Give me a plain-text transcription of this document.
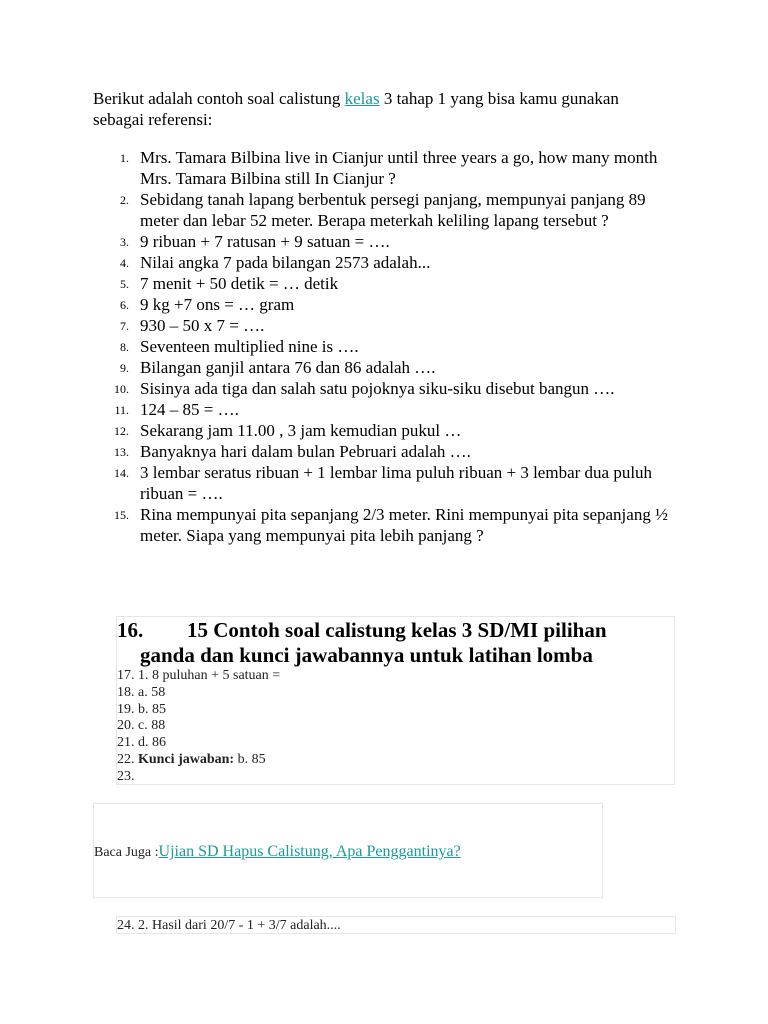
Berikut adalah contoh soal calistung kelas 3 tahap 1 yang bisa kamu gunakan sebagai referensi:
1. Mrs. Tamara Bilbina live in Cianjur until three years a go, how many month Mrs. Tamara Bilbina still In Cianjur ?
2. Sebidang tanah lapang berbentuk persegi panjang, mempunyai panjang 89 meter dan lebar 52 meter. Berapa meterkah keliling lapang tersebut ?
3. 9 ribuan + 7 ratusan + 9 satuan = ….
4. Nilai angka 7 pada bilangan 2573 adalah...
5. 7 menit + 50 detik = … detik
6. 9 kg +7 ons = … gram
7. 930 – 50 x 7 = ….
8. Seventeen multiplied nine is ….
9. Bilangan ganjil antara 76 dan 86 adalah ….
10. Sisinya ada tiga dan salah satu pojoknya siku-siku disebut bangun ….
11. 124 – 85 = ….
12. Sekarang jam 11.00 , 3 jam kemudian pukul …
13. Banyaknya hari dalam bulan Pebruari adalah ….
14. 3 lembar seratus ribuan + 1 lembar lima puluh ribuan + 3 lembar dua puluh ribuan = ….
15. Rina mempunyai pita sepanjang 2/3 meter. Rini mempunyai pita sepanjang ½ meter. Siapa yang mempunyai pita lebih panjang ?
16. 15 Contoh soal calistung kelas 3 SD/MI pilihan
ganda dan kunci jawabannya untuk latihan lomba
17. 1. 8 puluhan + 5 satuan =
18. a. 58
19. b. 85
20. c. 88
21. d. 86
22. Kunci jawaban: b. 85
23.
Baca Juga :Ujian SD Hapus Calistung, Apa Penggantinya?
24. 2. Hasil dari 20/7 - 1 + 3/7 adalah....
